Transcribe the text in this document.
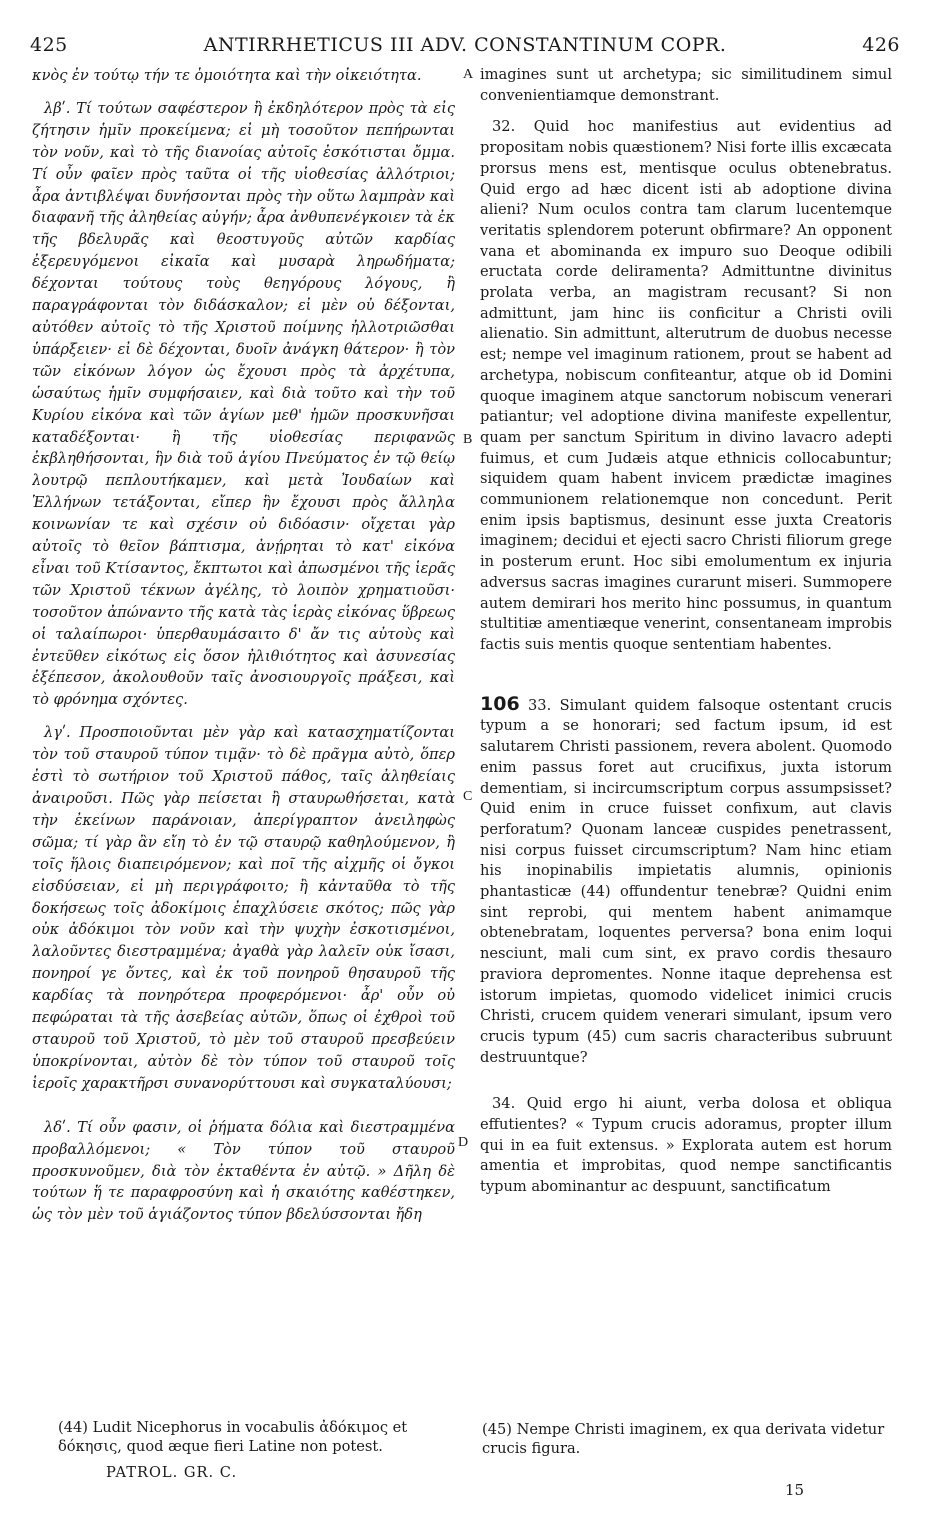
425	ANTIRRHETICUS III ADV. CONSTANTINUM COPR.	426

κνὸς ἐν τούτῳ τήν τε ὁμοιότητα καὶ τὴν οἰκειότητα.

λβʹ. Τί τούτων σαφέστερον ἢ ἐκδηλότερον πρὸς τὰ εἰς ζήτησιν ἡμῖν προκείμενα; εἰ μὴ τοσοῦτον πεπήρωνται τὸν νοῦν, καὶ τὸ τῆς διανοίας αὐτοῖς ἐσκότισται ὄμμα. Τί οὖν φαῖεν πρὸς ταῦτα οἱ τῆς υἱοθεσίας ἀλλότριοι; ἆρα ἀντιβλέψαι δυνήσονται πρὸς τὴν οὕτω λαμπρὰν καὶ διαφανῆ τῆς ἀληθείας αὐγήν; ἆρα ἀνθυπενέγκοιεν τὰ ἐκ τῆς βδελυρᾶς καὶ θεοστυγοῦς αὐτῶν καρδίας ἐξερευγόμενοι εἰκαῖα καὶ μυσαρὰ ληρωδήματα; δέχονται τούτους τοὺς θεηγόρους λόγους, ἢ παραγράφονται τὸν διδάσκαλον; εἰ μὲν οὐ δέξονται, αὐτόθεν αὐτοῖς τὸ τῆς Χριστοῦ ποίμνης ἠλλοτριῶσθαι ὑπάρξειεν· εἰ δὲ δέχονται, δυοῖν ἀνάγκη θάτερον· ἢ τὸν τῶν εἰκόνων λόγον ὡς ἔχουσι πρὸς τὰ ἀρχέτυπα, ὡσαύτως ἡμῖν συμφήσαιεν, καὶ διὰ τοῦτο καὶ τὴν τοῦ Κυρίου εἰκόνα καὶ τῶν ἁγίων μεθ' ἡμῶν προσκυνῆσαι καταδέξονται· ἢ τῆς υἱοθεσίας περιφανῶς ἐκβληθήσονται, ἣν διὰ τοῦ ἁγίου Πνεύματος ἐν τῷ θείῳ λουτρῷ πεπλουτήκαμεν, καὶ μετὰ Ἰουδαίων καὶ Ἑλλήνων τετάξονται, εἴπερ ἣν ἔχουσι πρὸς ἄλληλα κοινωνίαν τε καὶ σχέσιν οὐ διδόασιν· οἴχεται γὰρ αὐτοῖς τὸ θεῖον βάπτισμα, ἀνῄρηται τὸ κατ' εἰκόνα εἶναι τοῦ Κτίσαντος, ἔκπτωτοι καὶ ἀπωσμένοι τῆς ἱερᾶς τῶν Χριστοῦ τέκνων ἀγέλης, τὸ λοιπὸν χρηματιοῦσι· τοσοῦτον ἀπώναντο τῆς κατὰ τὰς ἱερὰς εἰκόνας ὕβρεως οἱ ταλαίπωροι· ὑπερθαυμάσαιτο δ' ἄν τις αὐτοὺς καὶ ἐντεῦθεν εἰκότως εἰς ὅσον ἠλιθιότητος καὶ ἀσυνεσίας ἐξέπεσον, ἀκολουθοῦν ταῖς ἀνοσιουργοῖς πράξεσι, καὶ τὸ φρόνημα σχόντες.

λγʹ. Προσποιοῦνται μὲν γὰρ καὶ κατασχηματίζονται τὸν τοῦ σταυροῦ τύπον τιμᾷν· τὸ δὲ πρᾶγμα αὐτὸ, ὅπερ ἐστὶ τὸ σωτήριον τοῦ Χριστοῦ πάθος, ταῖς ἀληθείαις ἀναιροῦσι. Πῶς γὰρ πείσεται ἢ σταυρωθήσεται, κατὰ τὴν ἐκείνων παράνοιαν, ἀπερίγραπτον ἀνειληφὼς σῶμα; τί γὰρ ἂν εἴη τὸ ἐν τῷ σταυρῷ καθηλούμενον, ἢ τοῖς ἥλοις διαπειρόμενον; καὶ ποῖ τῆς αἰχμῆς οἱ ὄγκοι εἰσδύσειαν, εἰ μὴ περιγράφοιτο; ἢ κἀνταῦθα τὸ τῆς δοκήσεως τοῖς ἀδοκίμοις ἐπαχλύσειε σκότος; πῶς γὰρ οὐκ ἀδόκιμοι τὸν νοῦν καὶ τὴν ψυχὴν ἐσκοτισμένοι, λαλοῦντες διεστραμμένα; ἀγαθὰ γὰρ λαλεῖν οὐκ ἴσασι, πονηροί γε ὄντες, καὶ ἐκ τοῦ πονηροῦ θησαυροῦ τῆς καρδίας τὰ πονηρότερα προφερόμενοι· ἆρ' οὖν οὐ πεφώραται τὰ τῆς ἀσεβείας αὐτῶν, ὅπως οἱ ἐχθροὶ τοῦ σταυροῦ τοῦ Χριστοῦ, τὸ μὲν τοῦ σταυροῦ πρεσβεύειν ὑποκρίνονται, αὐτὸν δὲ τὸν τύπον τοῦ σταυροῦ τοῖς ἱεροῖς χαρακτῆρσι συνανορύττουσι καὶ συγκαταλύουσι;

λδʹ. Τί οὖν φασιν, οἱ ῥήματα δόλια καὶ διεστραμμένα προβαλλόμενοι; « Τὸν τύπον τοῦ σταυροῦ προσκυνοῦμεν, διὰ τὸν ἐκταθέντα ἐν αὐτῷ. » Δῆλη δὲ τούτων ἥ τε παραφροσύνη καὶ ἡ σκαιότης καθέστηκεν, ὡς τὸν μὲν τοῦ ἁγιάζοντος τύπον βδελύσσονται ἤδη

A
B
C
D

imagines sunt ut archetypa; sic similitudinem simul convenientiamque demonstrant.

32. Quid hoc manifestius aut evidentius ad propositam nobis quæstionem? Nisi forte illis excæcata prorsus mens est, mentisque oculus obtenebratus. Quid ergo ad hæc dicent isti ab adoptione divina alieni? Num oculos contra tam clarum lucentemque veritatis splendorem poterunt obfirmare? An opponent vana et abominanda ex impuro suo Deoque odibili eructata corde deliramenta? Admittuntne divinitus prolata verba, an magistram recusant? Si non admittunt, jam hinc iis conficitur a Christi ovili alienatio. Sin admittunt, alterutrum de duobus necesse est; nempe vel imaginum rationem, prout se habent ad archetypa, nobiscum confiteantur, atque ob id Domini quoque imaginem atque sanctorum nobiscum venerari patiantur; vel adoptione divina manifeste expellentur, quam per sanctum Spiritum in divino lavacro adepti fuimus, et cum Judæis atque ethnicis collocabuntur; siquidem quam habent invicem prædictæ imagines communionem relationemque non concedunt. Perit enim ipsis baptismus, desinunt esse juxta Creatoris imaginem; decidui et ejecti sacro Christi filiorum grege in posterum erunt. Hoc sibi emolumentum ex injuria adversus sacras imagines curarunt miseri. Summopere autem demirari hos merito hinc possumus, in quantum stultitiæ amentiæque venerint, consentaneam improbis factis suis mentis quoque sententiam habentes.

106 33. Simulant quidem falsoque ostentant crucis typum a se honorari; sed factum ipsum, id est salutarem Christi passionem, revera abolent. Quomodo enim passus foret aut crucifixus, juxta istorum dementiam, si incircumscriptum corpus assumpsisset? Quid enim in cruce fuisset confixum, aut clavis perforatum? Quonam lanceæ cuspides penetrassent, nisi corpus fuisset circumscriptum? Nam hinc etiam his inopinabilis impietatis alumnis, opinionis phantasticæ (44) offundentur tenebræ? Quidni enim sint reprobi, qui mentem habent animamque obtenebratam, loquentes perversa? bona enim loqui nesciunt, mali cum sint, ex pravo cordis thesauro praviora depromentes. Nonne itaque deprehensa est istorum impietas, quomodo videlicet inimici crucis Christi, crucem quidem venerari simulant, ipsum vero crucis typum (45) cum sacris characteribus subruunt destruuntque?

34. Quid ergo hi aiunt, verba dolosa et obliqua effutientes? « Typum crucis adoramus, propter illum qui in ea fuit extensus. » Explorata autem est horum amentia et improbitas, quod nempe sanctificantis typum abominantur ac despuunt, sanctificatum

(44) Ludit Nicephorus in vocabulis ἀδόκιμος et δόκησις, quod æque fieri Latine non potest.
(45) Nempe Christi imaginem, ex qua derivata videtur crucis figura.
PATROL. GR. C.
15
